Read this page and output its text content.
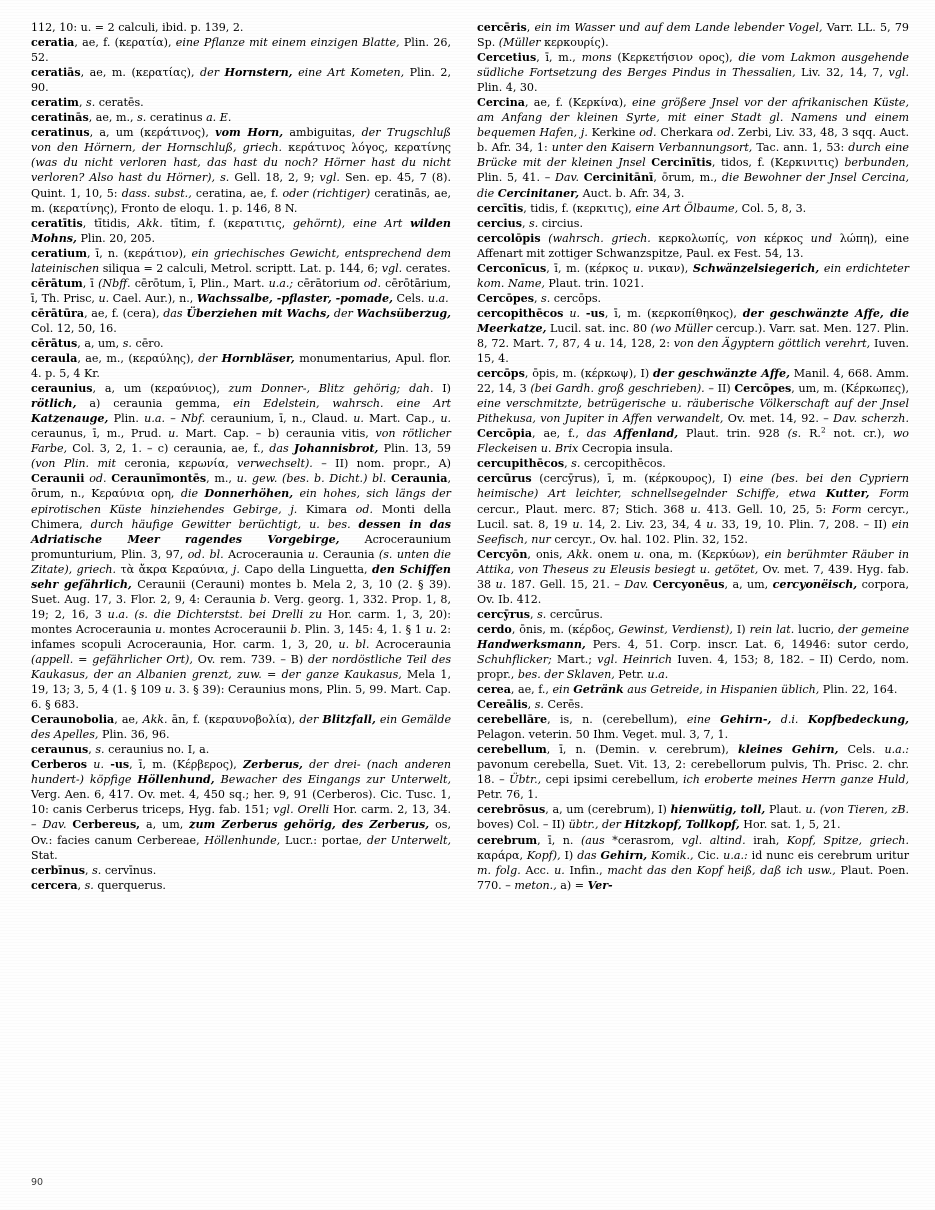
112, 10: u. = 2 calculi, ibid. p. 139, 2.

ceratia, ae, f. (κερατία), eine Pflanze mit einem einzigen Blatte, Plin. 26, 52.

ceratiās, ae, m. (κερατίας), der Hornstern, eine Art Kometen, Plin. 2, 90.

ceratim, s. ceratēs.

ceratinās, ae, m., s. ceratinus a. E.

ceratinus, a, um (κεράτινος), vom Horn, ambiguitas, der Trugschluß von den Hörnern, der Hornschluß, griech. κεράτινος λόγος, κερατίνης (was du nicht verloren hast, das hast du noch? Hörner hast du nicht verloren? Also hast du Hörner), s. Gell. 18, 2, 9; vgl. Sen. ep. 45, 7 (8). Quint. 1, 10, 5: dass. subst., ceratina, ae, f. oder (richtiger) ceratinās, ae, m. (κερατίνης), Fronto de eloqu. 1. p. 146, 8 N.

ceratītis, tītidis, Akk. tītim, f. (κερατιτις, gehörnt), eine Art wilden Mohns, Plin. 20, 205.

ceratium, ī, n. (κεράτιον), ein griechisches Gewicht, entsprechend dem lateinischen siliqua = 2 calculi, Metrol. scriptt. Lat. p. 144, 6; vgl. cerates.

cērātum, ī (Nbff. cērōtum, ī, Plin., Mart. u.a.; cērātorium od. cērōtārium, ī, Th. Prisc, u. Cael. Aur.), n., Wachssalbe, -pflaster, -pomade, Cels. u.a.

cērātūra, ae, f. (cera), das Überziehen mit Wachs, der Wachsüberzug, Col. 12, 50, 16.

cērātus, a, um, s. cēro.

ceraula, ae, m., (κεραύλης), der Hornbläser, monumentarius, Apul. flor. 4. p. 5, 4 Kr.

ceraunius, a, um (κεραύνιος), zum Donner-, Blitz gehörig; dah. I) rötlich, a) ceraunia gemma, ein Edelstein, wahrsch. eine Art Katzenauge, Plin. u.a. – Nbf. ceraunium, ī, n., Claud. u. Mart. Cap., u. ceraunus, ī, m., Prud. u. Mart. Cap. – b) ceraunia vitis, von rötlicher Farbe, Col. 3, 2, 1. – c) ceraunia, ae, f., das Johannisbrot, Plin. 13, 59 (von Plin. mit ceronia, κερωνία, verwechselt). – II) nom. propr., A) Ceraunii od. Ceraunīmontēs, m., u. gew. (bes. b. Dicht.) bl. Ceraunia, ōrum, n., Κεραύνια ορη, die Donnerhöhen, ein hohes, sich längs der epirotischen Küste hinziehendes Gebirge, j. Kimara od. Monti della Chimera, durch häufige Gewitter berüchtigt, u. bes. dessen in das Adriatische Meer ragendes Vorgebirge, Acroceraunium promunturium, Plin. 3, 97, od. bl. Acroceraunia u. Ceraunia (s. unten die Zitate), griech. τὰ ἄκρα Κεραύνια, j. Capo della Linguetta, den Schiffen sehr gefährlich, Ceraunii (Cerauni) montes b. Mela 2, 3, 10 (2. § 39). Suet. Aug. 17, 3. Flor. 2, 9, 4: Ceraunia b. Verg. georg. 1, 332. Prop. 1, 8, 19; 2, 16, 3 u.a. (s. die Dichterstst. bei Drelli zu Hor. carm. 1, 3, 20): montes Acroceraunia u. montes Acroceraunii b. Plin. 3, 145: 4, 1. § 1 u. 2: infames scopuli Acroceraunia, Hor. carm. 1, 3, 20, u. bl. Acroceraunia (appell. = gefährlicher Ort), Ov. rem. 739. – B) der nordöstliche Teil des Kaukasus, der an Albanien grenzt, zuw. = der ganze Kaukasus, Mela 1, 19, 13; 3, 5, 4 (1. § 109 u. 3. § 39): Ceraunius mons, Plin. 5, 99. Mart. Cap. 6. § 683.

Ceraunobolia, ae, Akk. ān, f. (κεραυνοβολία), der Blitzfall, ein Gemälde des Apelles, Plin. 36, 96.

ceraunus, s. ceraunius no. I, a.

Cerberos u. -us, ī, m. (Κέρβερος), Zerberus, der drei- (nach anderen hundert-) köpfige Höllenhund, Bewacher des Eingangs zur Unterwelt, Verg. Aen. 6, 417. Ov. met. 4, 450 sq.; her. 9, 91 (Cerberos). Cic. Tusc. 1, 10: canis Cerberus triceps, Hyg. fab. 151; vgl. Orelli Hor. carm. 2, 13, 34. – Dav. Cerbereus, a, um, zum Zerberus gehörig, des Zerberus, os, Ov.: facies canum Cerbereae, Höllenhunde, Lucr.: portae, der Unterwelt, Stat.

cerbīnus, s. cervīnus.

cercera, s. querquerus.

cercēris, ein im Wasser und auf dem Lande lebender Vogel, Varr. LL. 5, 79 Sp. (Müller κερκουρίς).

Cercetius, ī, m., mons (Κερκετήσιον ορος), die vom Lakmon ausgehende südliche Fortsetzung des Berges Pindus in Thessalien, Liv. 32, 14, 7, vgl. Plin. 4, 30.

Cercina, ae, f. (Κερκίνα), eine größere Jnsel vor der afrikanischen Küste, am Anfang der kleinen Syrte, mit einer Stadt gl. Namens und einem bequemen Hafen, j. Kerkine od. Cherkara od. Zerbi, Liv. 33, 48, 3 sqq. Auct. b. Afr. 34, 1: unter den Kaisern Verbannungsort, Tac. ann. 1, 53: durch eine Brücke mit der kleinen Jnsel Cercinītis, tidos, f. (Κερκινιτις) berbunden, Plin. 5, 41. – Dav. Cercinitānī, ōrum, m., die Bewohner der Jnsel Cercina, die Cercinitaner, Auct. b. Afr. 34, 3.

cercītis, tidis, f. (κερκιτις), eine Art Ölbaume, Col. 5, 8, 3.

cercius, s. circius.

cercolōpis (wahrsch. griech. κερκολωπίς, von κέρκος und λώπη), eine Affenart mit zottiger Schwanzspitze, Paul. ex Fest. 54, 13.

Cerconīcus, ī, m. (κέρκος u. νικαν), Schwänzelsiegerich, ein erdichteter kom. Name, Plaut. trin. 1021.

Cercōpes, s. cercōps.

cercopithēcos u. -us, ī, m. (κερκοπίθηκος), der geschwänzte Affe, die Meerkatze, Lucil. sat. inc. 80 (wo Müller cercup.). Varr. sat. Men. 127. Plin. 8, 72. Mart. 7, 87, 4 u. 14, 128, 2: von den Ägyptern göttlich verehrt, Iuven. 15, 4.

cercōps, ōpis, m. (κέρκωψ), I) der geschwänzte Affe, Manil. 4, 668. Amm. 22, 14, 3 (bei Gardh. groß geschrieben). – II) Cercōpes, um, m. (Κέρκωπες), eine verschmitzte, betrügerische u. räuberische Völkerschaft auf der Jnsel Pithekusa, von Jupiter in Affen verwandelt, Ov. met. 14, 92. – Dav. scherzh. Cercōpia, ae, f., das Affenland, Plaut. trin. 928 (s. R.$^2$ not. cr.), wo Fleckeisen u. Brix Cecropia insula.

cercupithēcos, s. cercopithēcos.

cercūrus (cercȳrus), ī, m. (κέρκουρος), I) eine (bes. bei den Cypriern heimische) Art leichter, schnellsegelnder Schiffe, etwa Kutter, Form cercur., Plaut. merc. 87; Stich. 368 u. 413. Gell. 10, 25, 5: Form cercyr., Lucil. sat. 8, 19 u. 14, 2. Liv. 23, 34, 4 u. 33, 19, 10. Plin. 7, 208. – II) ein Seefisch, nur cercyr., Ov. hal. 102. Plin. 32, 152.

Cercyōn, onis, Akk. onem u. ona, m. (Κερκύων), ein berühmter Räuber in Attika, von Theseus zu Eleusis besiegt u. getötet, Ov. met. 7, 439. Hyg. fab. 38 u. 187. Gell. 15, 21. – Dav. Cercyonēus, a, um, cercyonëisch, corpora, Ov. Ib. 412.

cercȳrus, s. cercūrus.

cerdo, ōnis, m. (κέρδος, Gewinst, Verdienst), I) rein lat. lucrio, der gemeine Handwerksmann, Pers. 4, 51. Corp. inscr. Lat. 6, 14946: sutor cerdo, Schuhflicker; Mart.; vgl. Heinrich Iuven. 4, 153; 8, 182. – II) Cerdo, nom. propr., bes. der Sklaven, Petr. u.a.

cerea, ae, f., ein Getränk aus Getreide, in Hispanien üblich, Plin. 22, 164.

Cereālis, s. Cerēs.

cerebellāre, is, n. (cerebellum), eine Gehirn-, d.i. Kopfbedeckung, Pelagon. veterin. 50 Ihm. Veget. mul. 3, 7, 1.

cerebellum, ī, n. (Demin. v. cerebrum), kleines Gehirn, Cels. u.a.: pavonum cerebella, Suet. Vit. 13, 2: cerebellorum pulvis, Th. Prisc. 2. chr. 18. – Übtr., cepi ipsimi cerebellum, ich eroberte meines Herrn ganze Huld, Petr. 76, 1.

cerebrōsus, a, um (cerebrum), I) hienwütig, toll, Plaut. u. (von Tieren, zB. boves) Col. – II) übtr., der Hitzkopf, Tollkopf, Hor. sat. 1, 5, 21.

cerebrum, ī, n. (aus *cerasrom, vgl. altind. irah, Kopf, Spitze, griech. καράρα, Kopf), I) das Gehirn, Komik., Cic. u.a.: id nunc eis cerebrum uritur m. folg. Acc. u. Infin., macht das den Kopf heiß, daß ich usw., Plaut. Poen. 770. – meton., a) = Ver-

90
